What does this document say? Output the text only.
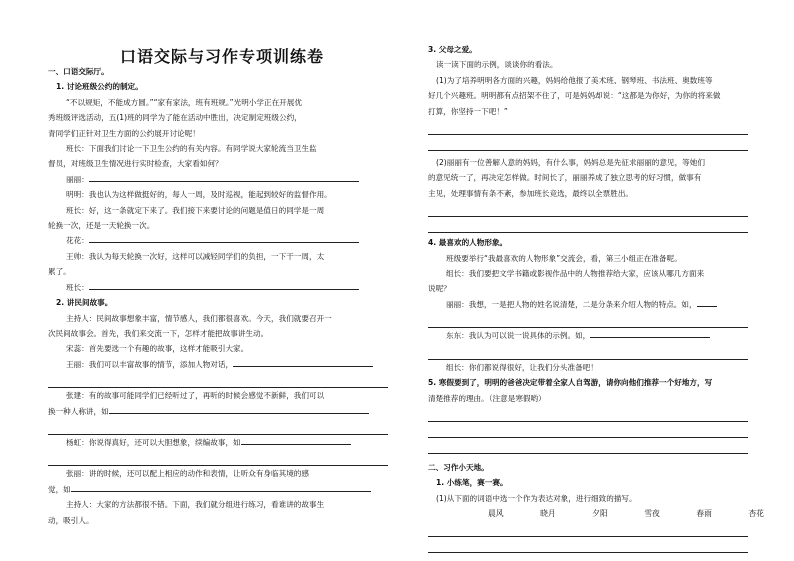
口语交际与习作专项训练卷
一、口语交际厅。
1. 讨论班级公约的制定。
“不以规矩，不能成方圆。”“家有家法，班有班规。”光明小学正在开展优
秀班级评选活动，五(1)班的同学为了能在活动中胜出，决定制定班级公约，
青同学们正针对卫生方面的公约展开讨论呢！
班长：下面我们讨论一下卫生公约的有关内容。有同学说大家轮流当卫生监
督员，对班级卫生情况进行实时检查，大家看如何？
丽丽：
明明：我也认为这样做挺好的，每人一周，及时巡视，能起到较好的监督作用。
班长：好，这一条就定下来了。我们接下来要讨论的问题是值日的同学是一周
轮换一次，还是一天轮换一次。
花花：
王帅：我认为每天轮换一次好，这样可以减轻同学们的负担，一下干一周，太
累了。
班长：
2. 讲民间故事。
主持人：民间故事想象丰富，情节感人，我们都很喜欢。今天，我们就要召开一
次民间故事会。首先，我们来交流一下，怎样才能把故事讲生动。
宋蕊：首先要选一个有趣的故事，这样才能吸引大家。
王丽：我们可以丰富故事的情节，添加人物对话，
张建：有的故事可能同学们已经听过了，再听的时候会感觉不新鲜，我们可以
换一种人称讲，如
杨虹：你说得真好，还可以大胆想象，续编故事，如
张丽：讲的时候，还可以配上相应的动作和表情，让听众有身临其境的感
觉，如
主持人：大家的方法都很不错。下面，我们就分组进行练习，看谁讲的故事生
动，吸引人。
3. 父母之爱。
读一读下面的示例，谈谈你的看法。
(1)为了培养明明各方面的兴趣，妈妈给他报了美术班、钢琴班、书法班、奥数班等
好几个兴趣班。明明都有点招架不住了，可是妈妈却说：“这都是为你好，为你的将来做
打算，你坚持一下吧！”
(2)丽丽有一位善解人意的妈妈，有什么事，妈妈总是先征求丽丽的意见，等她们
的意见统一了，再决定怎样做。时间长了，丽丽养成了独立思考的好习惯，做事有
主见，处理事情有条不紊，参加班长竞选，最终以全票胜出。
4. 最喜欢的人物形象。
班级要举行“我最喜欢的人物形象”交流会，看，第三小组正在准备呢。
组长：我们要把文学书籍或影视作品中的人物推荐给大家，应该从哪几方面来
说呢？
丽丽：我想，一是把人物的姓名说清楚，二是分条来介绍人物的特点。如，
东东：我认为可以说一说具体的示例。如，
组长：你们都说得很好，让我们分头准备吧！
5. 寒假要到了，明明的爸爸决定带着全家人自驾游，请你向他们推荐一个好地方，写
清楚推荐的理由。（注意是寒假哟）
二、习作小天地。
1. 小练笔，赛一赛。
(1)从下面的词语中选一个作为表达对象，进行细致的描写。
晨风	晓月	夕阳	雪夜	春雨	杏花
